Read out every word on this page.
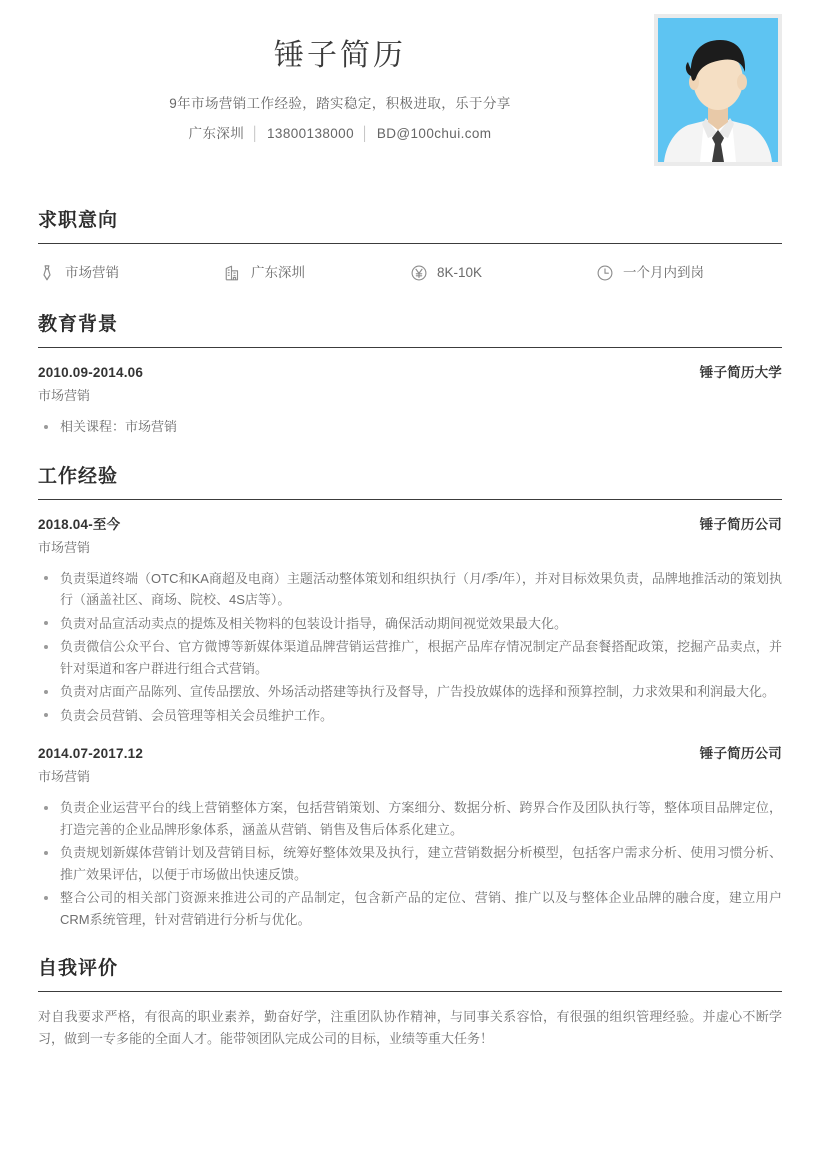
锤子简历
9年市场营销工作经验，踏实稳定，积极进取，乐于分享
广东深圳 │ 13800138000 │ BD@100chui.com
求职意向
市场营销	广东深圳	8K-10K	一个月内到岗
教育背景
2010.09-2014.06	锤子简历大学
市场营销
相关课程：市场营销
工作经验
2018.04-至今	锤子简历公司
市场营销
负责渠道终端（OTC和KA商超及电商）主题活动整体策划和组织执行（月/季/年），并对目标效果负责，品牌地推活动的策划执行（涵盖社区、商场、院校、4S店等）。
负责对品宣活动卖点的提炼及相关物料的包装设计指导，确保活动期间视觉效果最大化。
负责微信公众平台、官方微博等新媒体渠道品牌营销运营推广，根据产品库存情况制定产品套餐搭配政策，挖掘产品卖点，并针对渠道和客户群进行组合式营销。
负责对店面产品陈列、宣传品摆放、外场活动搭建等执行及督导，广告投放媒体的选择和预算控制，力求效果和利润最大化。
负责会员营销、会员管理等相关会员维护工作。
2014.07-2017.12	锤子简历公司
市场营销
负责企业运营平台的线上营销整体方案，包括营销策划、方案细分、数据分析、跨界合作及团队执行等，整体项目品牌定位，打造完善的企业品牌形象体系，涵盖从营销、销售及售后体系化建立。
负责规划新媒体营销计划及营销目标，统筹好整体效果及执行，建立营销数据分析模型，包括客户需求分析、使用习惯分析、推广效果评估，以便于市场做出快速反馈。
整合公司的相关部门资源来推进公司的产品制定，包含新产品的定位、营销、推广以及与整体企业品牌的融合度，建立用户CRM系统管理，针对营销进行分析与优化。
自我评价

对自我要求严格，有很高的职业素养，勤奋好学，注重团队协作精神，与同事关系容恰，有很强的组织管理经验。并虚心不断学习，做到一专多能的全面人才。能带领团队完成公司的目标，业绩等重大任务！
